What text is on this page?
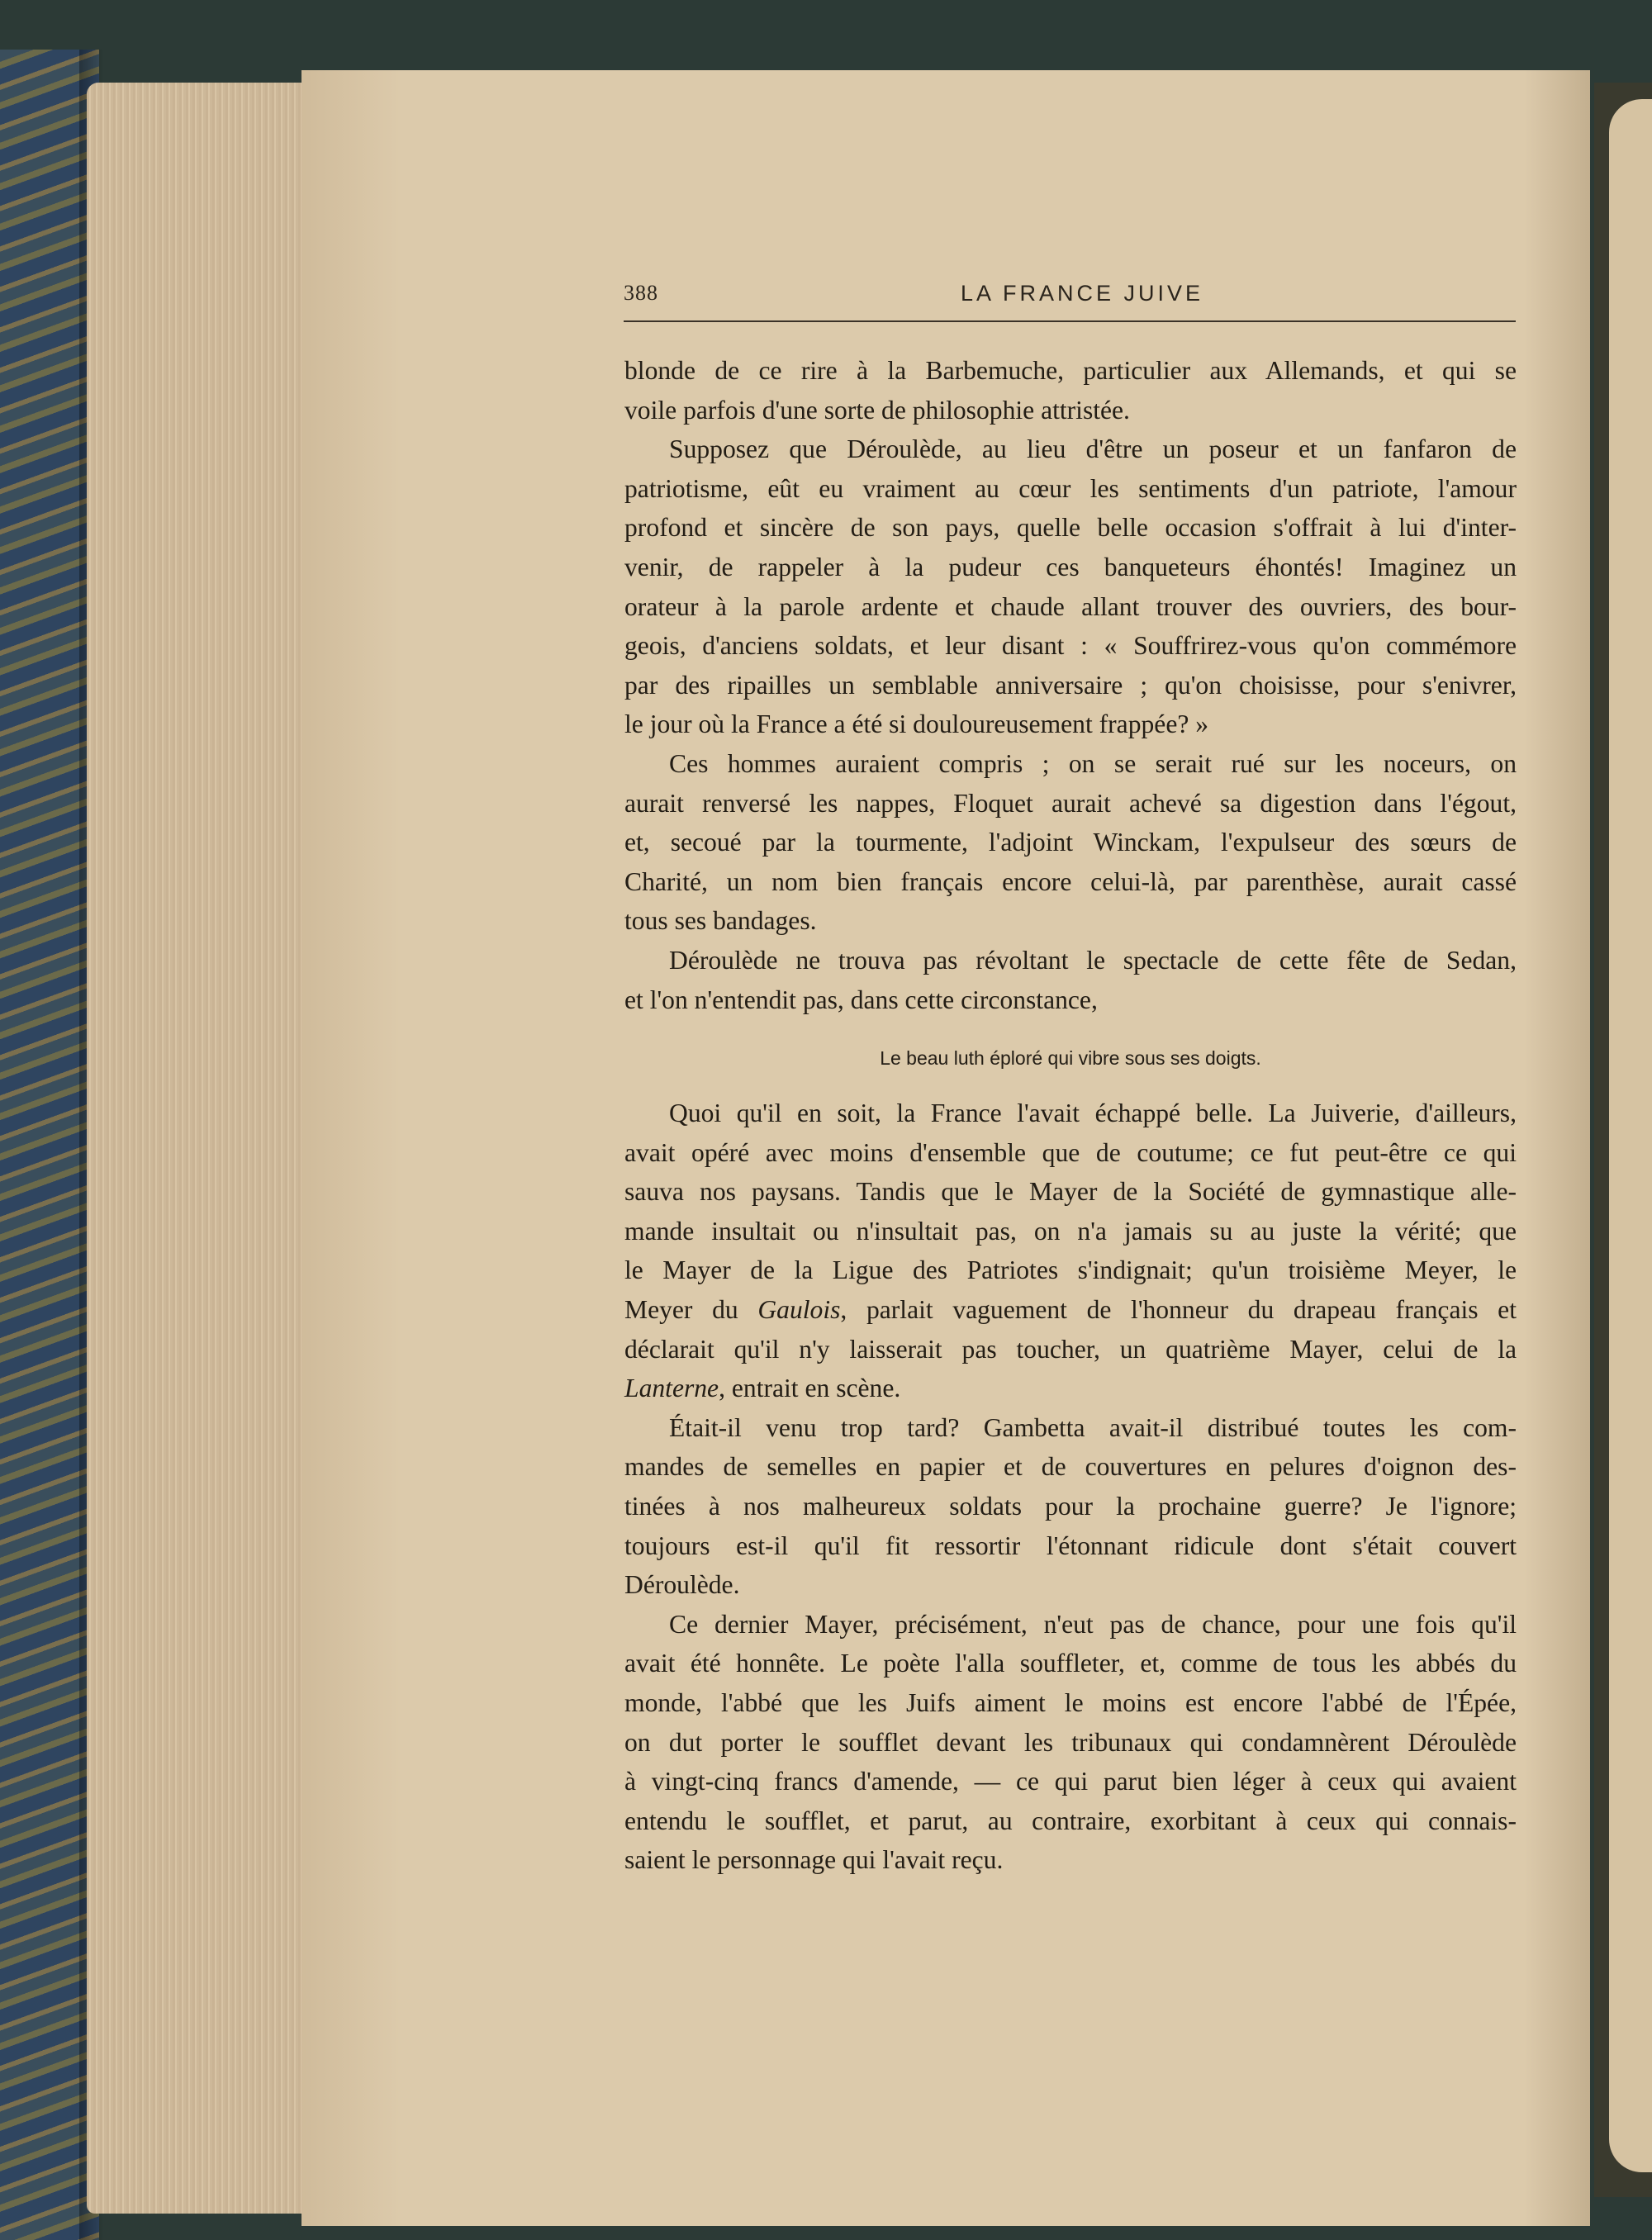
388	LA FRANCE JUIVE

blonde de ce rire à la Barbemuche, particulier aux Allemands, et qui se
voile parfois d'une sorte de philosophie attristée.

Supposez que Déroulède, au lieu d'être un poseur et un fanfaron de
patriotisme, eût eu vraiment au cœur les sentiments d'un patriote, l'amour
profond et sincère de son pays, quelle belle occasion s'offrait à lui d'inter-
venir, de rappeler à la pudeur ces banqueteurs éhontés! Imaginez un
orateur à la parole ardente et chaude allant trouver des ouvriers, des bour-
geois, d'anciens soldats, et leur disant : « Souffrirez-vous qu'on commémore
par des ripailles un semblable anniversaire ; qu'on choisisse, pour s'enivrer,
le jour où la France a été si douloureusement frappée? »

Ces hommes auraient compris ; on se serait rué sur les noceurs, on
aurait renversé les nappes, Floquet aurait achevé sa digestion dans l'égout,
et, secoué par la tourmente, l'adjoint Winckam, l'expulseur des sœurs de
Charité, un nom bien français encore celui-là, par parenthèse, aurait cassé
tous ses bandages.

Déroulède ne trouva pas révoltant le spectacle de cette fête de Sedan,
et l'on n'entendit pas, dans cette circonstance,

Le beau luth éploré qui vibre sous ses doigts.

Quoi qu'il en soit, la France l'avait échappé belle. La Juiverie, d'ailleurs,
avait opéré avec moins d'ensemble que de coutume; ce fut peut-être ce qui
sauva nos paysans. Tandis que le Mayer de la Société de gymnastique alle-
mande insultait ou n'insultait pas, on n'a jamais su au juste la vérité; que
le Mayer de la Ligue des Patriotes s'indignait; qu'un troisième Meyer, le
Meyer du Gaulois, parlait vaguement de l'honneur du drapeau français et
déclarait qu'il n'y laisserait pas toucher, un quatrième Mayer, celui de la
Lanterne, entrait en scène.

Était-il venu trop tard? Gambetta avait-il distribué toutes les com-
mandes de semelles en papier et de couvertures en pelures d'oignon des-
tinées à nos malheureux soldats pour la prochaine guerre? Je l'ignore;
toujours est-il qu'il fit ressortir l'étonnant ridicule dont s'était couvert
Déroulède.

Ce dernier Mayer, précisément, n'eut pas de chance, pour une fois qu'il
avait été honnête. Le poète l'alla souffleter, et, comme de tous les abbés du
monde, l'abbé que les Juifs aiment le moins est encore l'abbé de l'Épée,
on dut porter le soufflet devant les tribunaux qui condamnèrent Déroulède
à vingt-cinq francs d'amende, — ce qui parut bien léger à ceux qui avaient
entendu le soufflet, et parut, au contraire, exorbitant à ceux qui connais-
saient le personnage qui l'avait reçu.
